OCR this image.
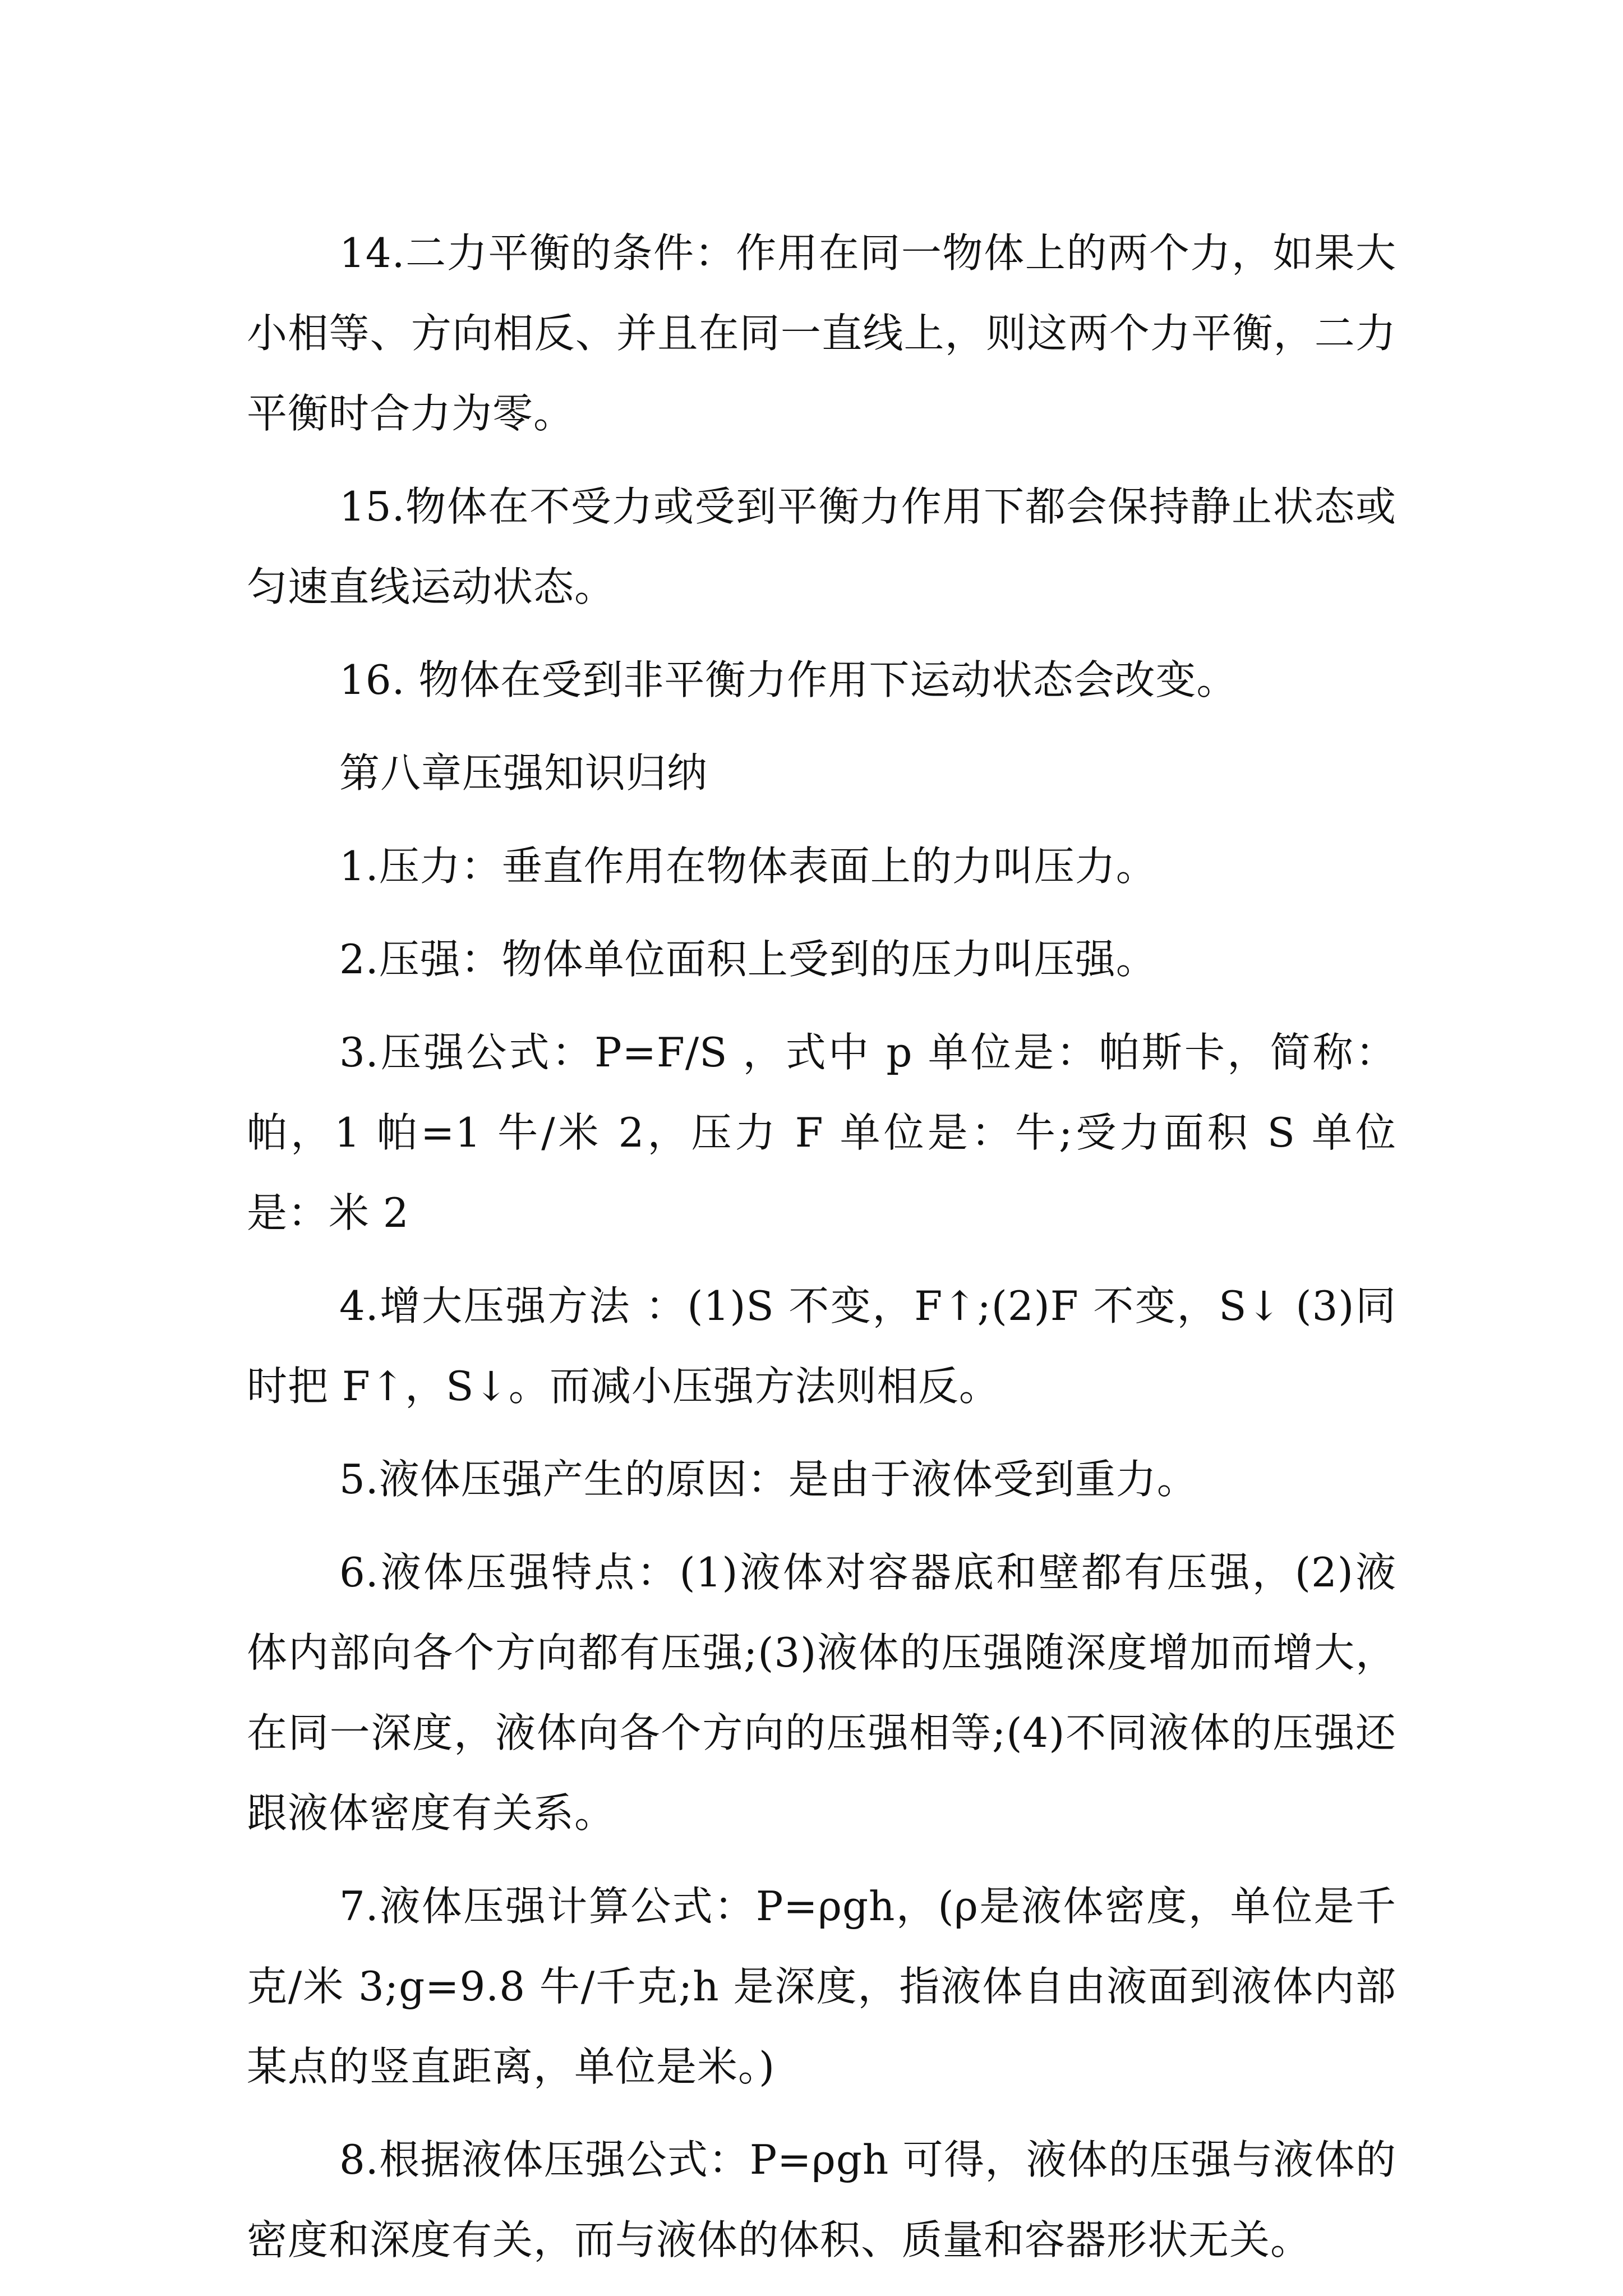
14.二力平衡的条件：作用在同一物体上的两个力，如果大小相等、方向相反、并且在同一直线上，则这两个力平衡，二力平衡时合力为零。

15.物体在不受力或受到平衡力作用下都会保持静止状态或匀速直线运动状态。

16. 物体在受到非平衡力作用下运动状态会改变。

第八章压强知识归纳

1.压力：垂直作用在物体表面上的力叫压力。

2.压强：物体单位面积上受到的压力叫压强。

3.压强公式：P=F/S ，式中 p 单位是：帕斯卡，简称：帕，1 帕=1 牛/米 2，压力 F 单位是：牛;受力面积 S 单位是：米 2

4.增大压强方法 ：(1)S 不变，F↑;(2)F 不变，S↓ (3)同时把 F↑，S↓。而减小压强方法则相反。

5.液体压强产生的原因：是由于液体受到重力。

6.液体压强特点：(1)液体对容器底和壁都有压强，(2)液体内部向各个方向都有压强;(3)液体的压强随深度增加而增大，在同一深度，液体向各个方向的压强相等;(4)不同液体的压强还跟液体密度有关系。

7.液体压强计算公式：P=ρgh，(ρ是液体密度，单位是千克/米 3;g=9.8 牛/千克;h 是深度，指液体自由液面到液体内部某点的竖直距离，单位是米。)

8.根据液体压强公式：P=ρgh 可得，液体的压强与液体的密度和深度有关，而与液体的体积、质量和容器形状无关。
